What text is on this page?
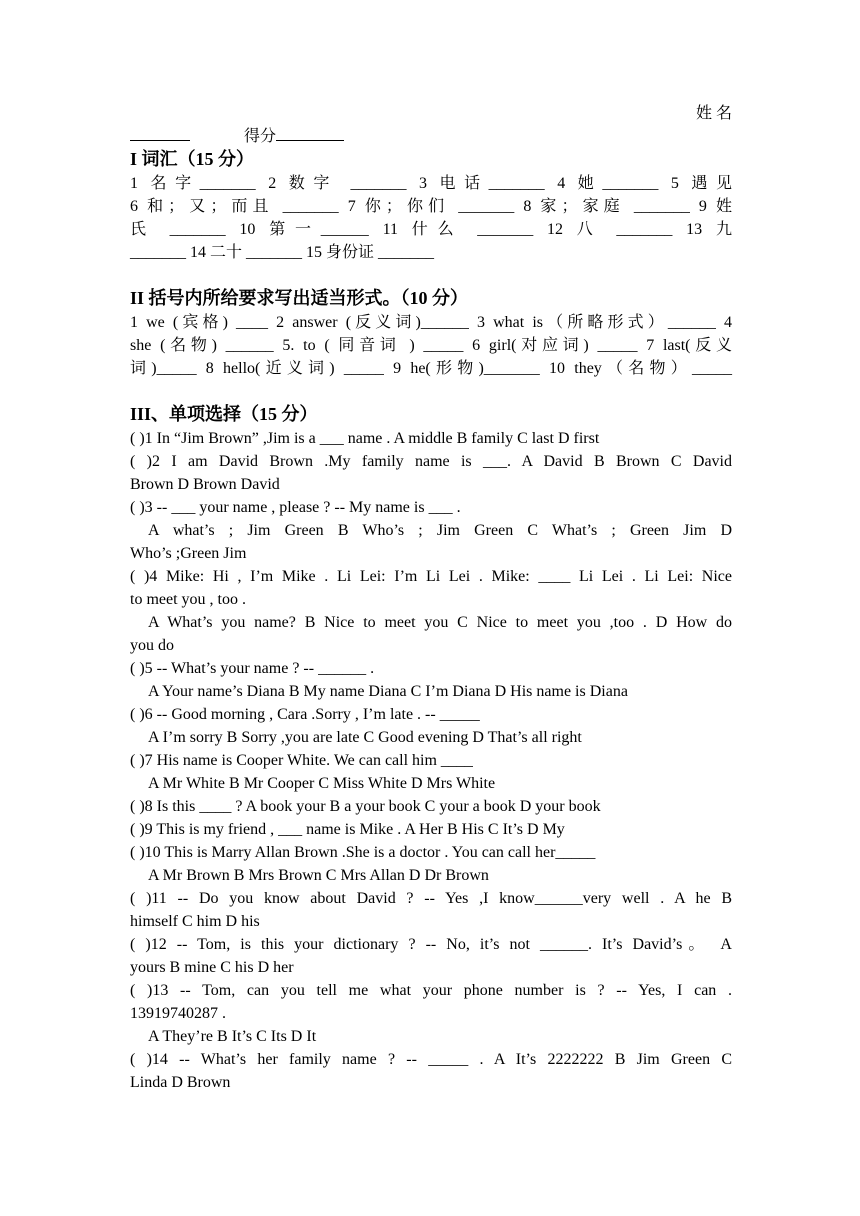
姓 名
得分
I 词汇（15 分）
1 名字_______ 2 数字 _______ 3 电话_______ 4 她_______ 5 遇见
6 和；又；而且 _______ 7 你；你们 _______ 8 家；家庭 _______ 9 姓
氏 _______ 10 第一______ 11 什么 _______ 12 八 _______ 13 九
_______ 14 二十 _______ 15 身份证 _______
II 括号内所给要求写出适当形式。（10 分）
1 we (宾格) ____ 2 answer (反义词)______ 3 what is（所略形式）______ 4
she (名物) ______ 5. to ( 同音词 ) _____ 6 girl(对应词) _____ 7 last(反义
词)_____ 8 hello(近义词) _____ 9 he(形物)_______ 10 they（名物）_____
III、单项选择（15 分）
( )1 In “Jim Brown” ,Jim is a ___ name . A middle B family C last D first
( )2 I am David Brown .My family name is ___. A David B Brown C David
Brown D Brown David
( )3 -- ___ your name , please ? -- My name is ___ .
A what’s ; Jim Green B Who’s ; Jim Green C What’s ; Green Jim D
Who’s ;Green Jim
( )4 Mike: Hi , I’m Mike . Li Lei: I’m Li Lei . Mike: ____ Li Lei . Li Lei: Nice
to meet you , too .
A What’s you name? B Nice to meet you C Nice to meet you ,too . D How do
you do
( )5 -- What’s your name ? -- ______ .
A Your name’s Diana B My name Diana C I’m Diana D His name is Diana
( )6 -- Good morning , Cara .Sorry , I’m late . -- _____
A I’m sorry B Sorry ,you are late C Good evening D That’s all right
( )7 His name is Cooper White. We can call him ____
A Mr White B Mr Cooper C Miss White D Mrs White
( )8 Is this ____ ? A book your B a your book C your a book D your book
( )9 This is my friend , ___ name is Mike . A Her B His C It’s D My
( )10 This is Marry Allan Brown .She is a doctor . You can call her_____
A Mr Brown B Mrs Brown C Mrs Allan D Dr Brown
( )11 -- Do you know about David ? -- Yes ,I know______very well . A he B
himself C him D his
( )12 -- Tom, is this your dictionary ? -- No, it’s not ______. It’s David’s。 A
yours B mine C his D her
( )13 -- Tom, can you tell me what your phone number is ? -- Yes, I can .
13919740287 .
A They’re B It’s C Its D It
( )14 -- What’s her family name ? -- _____ . A It’s 2222222 B Jim Green C
Linda D Brown
